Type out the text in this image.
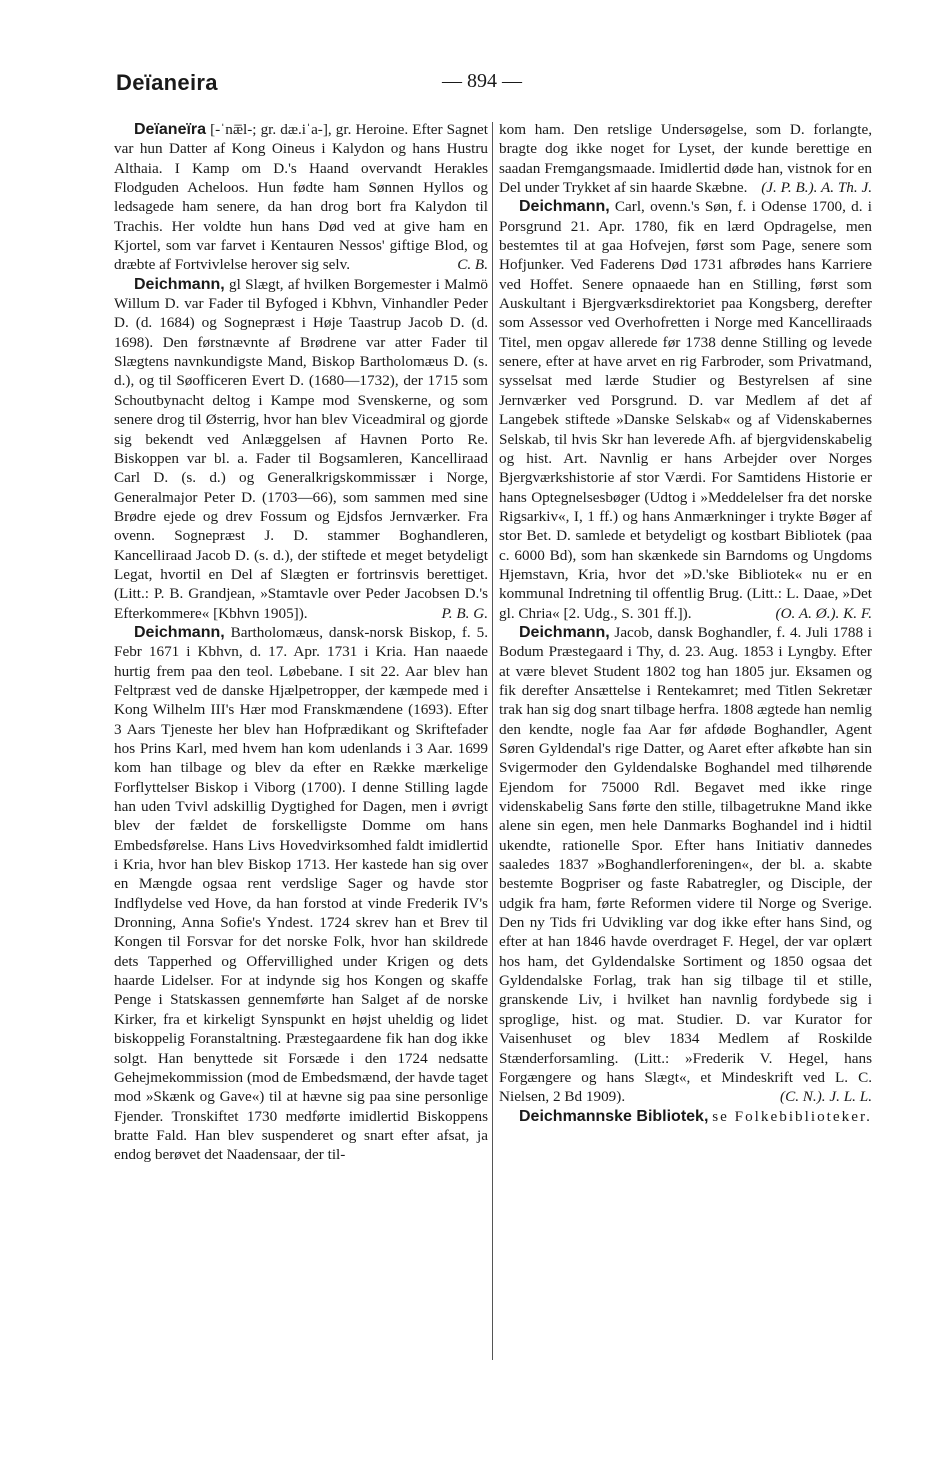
Deïaneira	— 894 —

Deïaneïra [-ˈnæ̅l-; gr. dæ.iˈa-], gr. Heroine. Efter Sagnet var hun Datter af Kong Oineus i Kalydon og hans Hustru Althaia. I Kamp om D.'s Haand overvandt Herakles Flodguden Acheloos. Hun fødte ham Sønnen Hyllos og ledsagede ham senere, da han drog bort fra Kalydon til Trachis. Her voldte hun hans Død ved at give ham en Kjortel, som var farvet i Kentauren Nessos' giftige Blod, og dræbte af Fortvivlelse herover sig selv.	C. B.

Deichmann, gl Slægt, af hvilken Borgemester i Malmö Willum D. var Fader til Byfoged i Kbhvn, Vinhandler Peder D. (d. 1684) og Sognepræst i Høje Taastrup Jacob D. (d. 1698). Den førstnævnte af Brødrene var atter Fader til Slægtens navnkundigste Mand, Biskop Bartholomæus D. (s. d.), og til Søofficeren Evert D. (1680—1732), der 1715 som Schoutbynacht deltog i Kampe mod Svenskerne, og som senere drog til Østerrig, hvor han blev Viceadmiral og gjorde sig bekendt ved Anlæggelsen af Havnen Porto Re. Biskoppen var bl. a. Fader til Bogsamleren, Kancelliraad Carl D. (s. d.) og Generalkrigskommissær i Norge, Generalmajor Peter D. (1703—66), som sammen med sine Brødre ejede og drev Fossum og Ejdsfos Jernværker. Fra ovenn. Sognepræst J. D. stammer Boghandleren, Kancelliraad Jacob D. (s. d.), der stiftede et meget betydeligt Legat, hvortil en Del af Slægten er fortrinsvis berettiget. (Litt.: P. B. Grandjean, »Stamtavle over Peder Jacobsen D.'s Efterkommere« [Kbhvn 1905]).	P. B. G.

Deichmann, Bartholomæus, dansk-norsk Biskop, f. 5. Febr 1671 i Kbhvn, d. 17. Apr. 1731 i Kria. Han naaede hurtig frem paa den teol. Løbebane. I sit 22. Aar blev han Feltpræst ved de danske Hjælpetropper, der kæmpede med i Kong Wilhelm III's Hær mod Franskmændene (1693). Efter 3 Aars Tjeneste her blev han Hofprædikant og Skriftefader hos Prins Karl, med hvem han kom udenlands i 3 Aar. 1699 kom han tilbage og blev da efter en Række mærkelige Forflyttelser Biskop i Viborg (1700). I denne Stilling lagde han uden Tvivl adskillig Dygtighed for Dagen, men i øvrigt blev der fældet de forskelligste Domme om hans Embedsførelse. Hans Livs Hovedvirksomhed faldt imidlertid i Kria, hvor han blev Biskop 1713. Her kastede han sig over en Mængde ogsaa rent verdslige Sager og havde stor Indflydelse ved Hove, da han forstod at vinde Frederik IV's Dronning, Anna Sofie's Yndest. 1724 skrev han et Brev til Kongen til Forsvar for det norske Folk, hvor han skildrede dets Tapperhed og Offervillighed under Krigen og dets haarde Lidelser. For at indynde sig hos Kongen og skaffe Penge i Statskassen gennemførte han Salget af de norske Kirker, fra et kirkeligt Synspunkt en højst uheldig og lidet biskoppelig Foranstaltning. Præstegaardene fik han dog ikke solgt. Han benyttede sit Forsæde i den 1724 nedsatte Gehejmekommission (mod de Embedsmænd, der havde taget mod »Skænk og Gave«) til at hævne sig paa sine personlige Fjender. Tronskiftet 1730 medførte imidlertid Biskoppens bratte Fald. Han blev suspenderet og snart efter afsat, ja endog berøvet det Naadensaar, der til-

kom ham. Den retslige Undersøgelse, som D. forlangte, bragte dog ikke noget for Lyset, der kunde berettige en saadan Fremgangsmaade. Imidlertid døde han, vistnok for en Del under Trykket af sin haarde Skæbne. (J. P. B.). A. Th. J.

Deichmann, Carl, ovenn.'s Søn, f. i Odense 1700, d. i Porsgrund 21. Apr. 1780, fik en lærd Opdragelse, men bestemtes til at gaa Hofvejen, først som Page, senere som Hofjunker. Ved Faderens Død 1731 afbrødes hans Karriere ved Hoffet. Senere opnaaede han en Stilling, først som Auskultant i Bjergværksdirektoriet paa Kongsberg, derefter som Assessor ved Overhofretten i Norge med Kancelliraads Titel, men opgav allerede før 1738 denne Stilling og levede senere, efter at have arvet en rig Farbroder, som Privatmand, sysselsat med lærde Studier og Bestyrelsen af sine Jernværker ved Porsgrund. D. var Medlem af det af Langebek stiftede »Danske Selskab« og af Videnskabernes Selskab, til hvis Skr han leverede Afh. af bjergvidenskabelig og hist. Art. Navnlig er hans Arbejder over Norges Bjergværkshistorie af stor Værdi. For Samtidens Historie er hans Optegnelsesbøger (Udtog i »Meddelelser fra det norske Rigsarkiv«, I, 1 ff.) og hans Anmærkninger i trykte Bøger af stor Bet. D. samlede et betydeligt og kostbart Bibliotek (paa c. 6000 Bd), som han skænkede sin Barndoms og Ungdoms Hjemstavn, Kria, hvor det »D.'ske Bibliotek« nu er en kommunal Indretning til offentlig Brug. (Litt.: L. Daae, »Det gl. Chria« [2. Udg., S. 301 ff.]).	(O. A. Ø.). K. F.

Deichmann, Jacob, dansk Boghandler, f. 4. Juli 1788 i Bodum Præstegaard i Thy, d. 23. Aug. 1853 i Lyngby. Efter at være blevet Student 1802 tog han 1805 jur. Eksamen og fik derefter Ansættelse i Rentekamret; med Titlen Sekretær trak han sig dog snart tilbage herfra. 1808 ægtede han nemlig den kendte, nogle faa Aar før afdøde Boghandler, Agent Søren Gyldendal's rige Datter, og Aaret efter afkøbte han sin Svigermoder den Gyldendalske Boghandel med tilhørende Ejendom for 75000 Rdl. Begavet med ikke ringe videnskabelig Sans førte den stille, tilbagetrukne Mand ikke alene sin egen, men hele Danmarks Boghandel ind i hidtil ukendte, rationelle Spor. Efter hans Initiativ dannedes saaledes 1837 »Boghandlerforeningen«, der bl. a. skabte bestemte Bogpriser og faste Rabatregler, og Disciple, der udgik fra ham, førte Reformen videre til Norge og Sverige. Den ny Tids fri Udvikling var dog ikke efter hans Sind, og efter at han 1846 havde overdraget F. Hegel, der var oplært hos ham, det Gyldendalske Sortiment og 1850 ogsaa det Gyldendalske Forlag, trak han sig tilbage til et stille, granskende Liv, i hvilket han navnlig fordybede sig i sproglige, hist. og mat. Studier. D. var Kurator for Vaisenhuset og blev 1834 Medlem af Roskilde Stænderforsamling. (Litt.: »Frederik V. Hegel, hans Forgængere og hans Slægt«, et Mindeskrift ved L. C. Nielsen, 2 Bd 1909).	(C. N.). J. L. L.

Deichmannske Bibliotek, se Folkebiblioteker.
